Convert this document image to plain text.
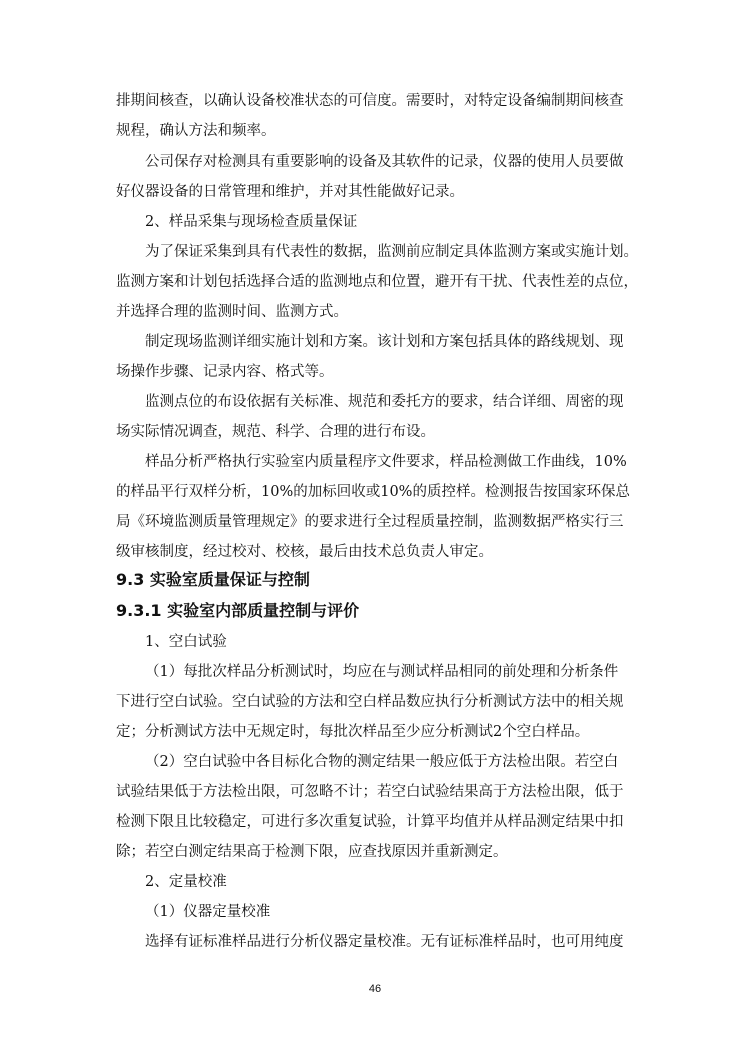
排期间核查，以确认设备校准状态的可信度。需要时，对特定设备编制期间核查
规程，确认方法和频率。
公司保存对检测具有重要影响的设备及其软件的记录，仪器的使用人员要做
好仪器设备的日常管理和维护，并对其性能做好记录。
2、样品采集与现场检查质量保证
为了保证采集到具有代表性的数据，监测前应制定具体监测方案或实施计划。
监测方案和计划包括选择合适的监测地点和位置，避开有干扰、代表性差的点位，
并选择合理的监测时间、监测方式。
制定现场监测详细实施计划和方案。该计划和方案包括具体的路线规划、现
场操作步骤、记录内容、格式等。
监测点位的布设依据有关标准、规范和委托方的要求，结合详细、周密的现
场实际情况调查，规范、科学、合理的进行布设。
样品分析严格执行实验室内质量程序文件要求，样品检测做工作曲线，10%
的样品平行双样分析，10%的加标回收或10%的质控样。检测报告按国家环保总
局《环境监测质量管理规定》的要求进行全过程质量控制，监测数据严格实行三
级审核制度，经过校对、校核，最后由技术总负责人审定。
9.3 实验室质量保证与控制
9.3.1 实验室内部质量控制与评价
1、空白试验
（1）每批次样品分析测试时，均应在与测试样品相同的前处理和分析条件
下进行空白试验。空白试验的方法和空白样品数应执行分析测试方法中的相关规
定；分析测试方法中无规定时，每批次样品至少应分析测试2个空白样品。
（2）空白试验中各目标化合物的测定结果一般应低于方法检出限。若空白
试验结果低于方法检出限，可忽略不计；若空白试验结果高于方法检出限，低于
检测下限且比较稳定，可进行多次重复试验，计算平均值并从样品测定结果中扣
除；若空白测定结果高于检测下限，应查找原因并重新测定。
2、定量校准
（1）仪器定量校准
选择有证标准样品进行分析仪器定量校准。无有证标准样品时，也可用纯度
46
